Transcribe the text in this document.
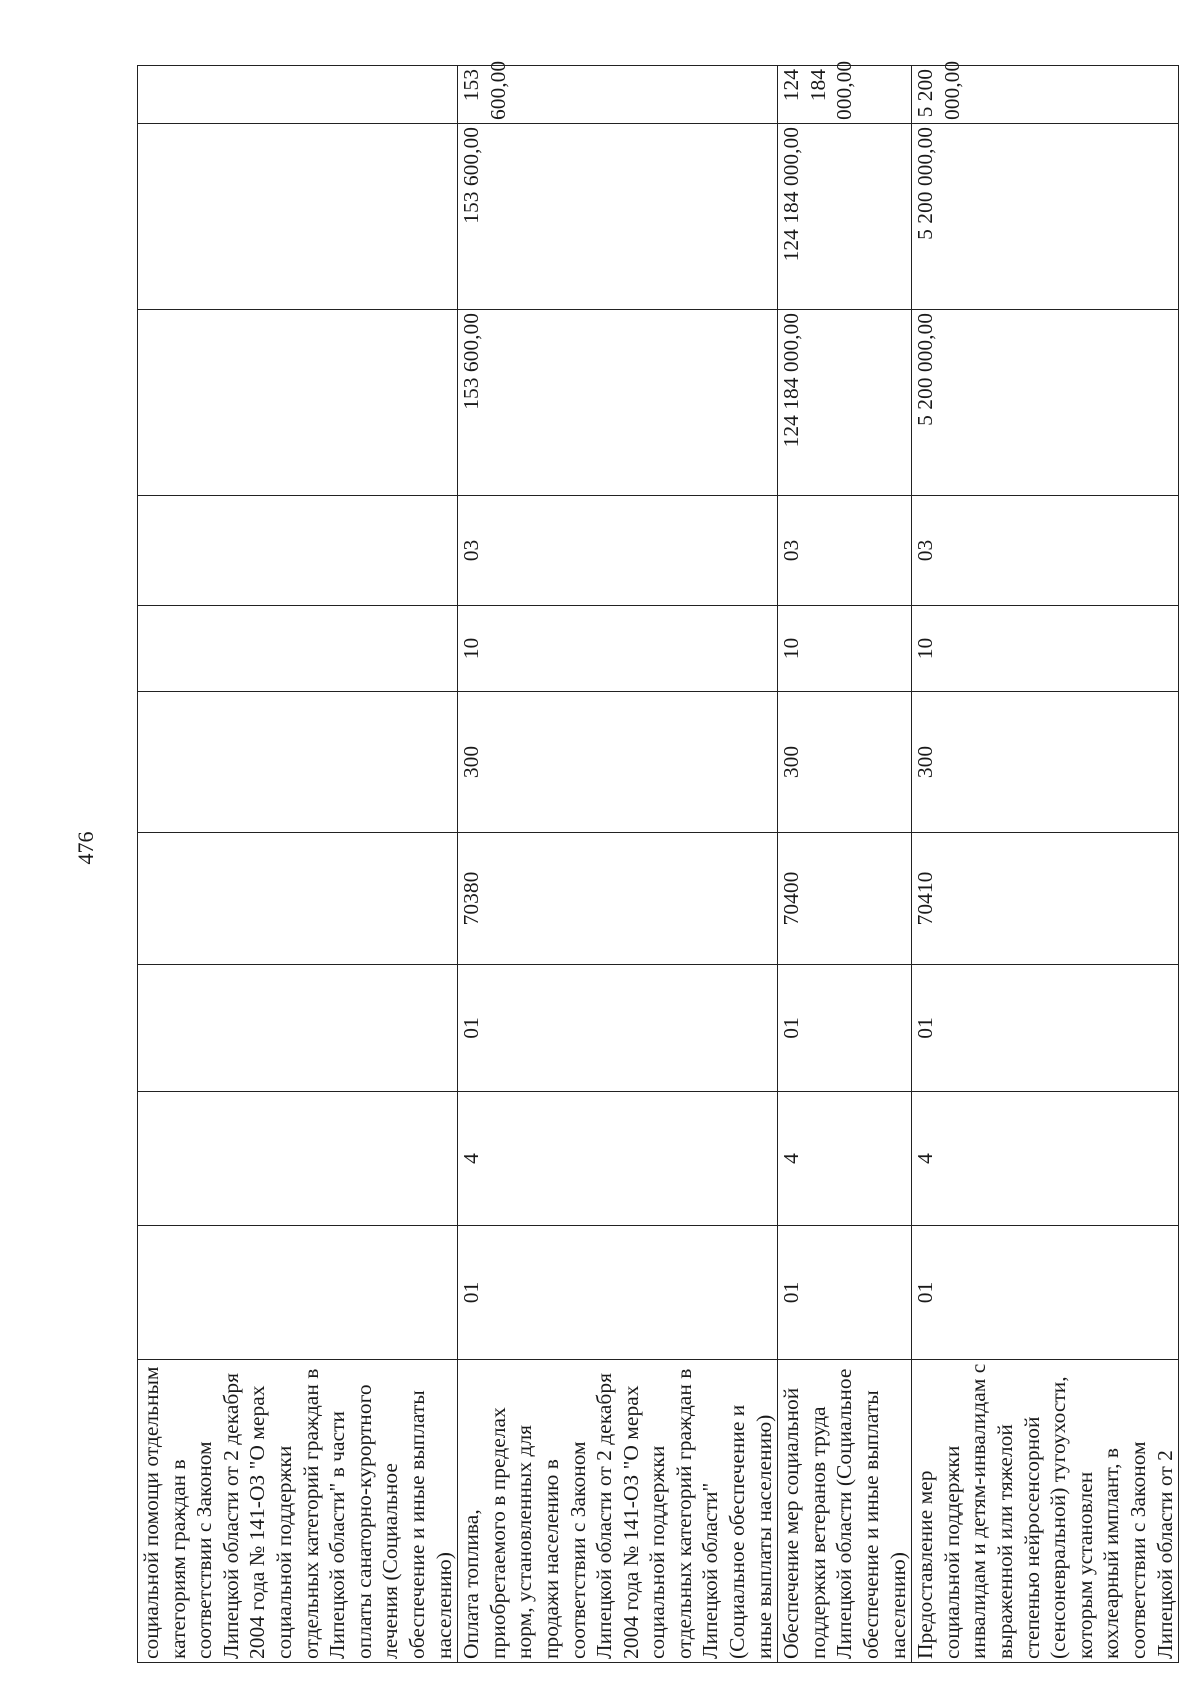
476
социальной помощи отдельным категориям граждан в соответствии с Законом Липецкой области от 2 декабря 2004 года № 141-ОЗ "О мерах социальной поддержки отдельных категорий граждан в Липецкой области" в части оплаты санаторно-курортного лечения (Социальное обеспечение и иные выплаты населению)										
Оплата топлива, приобретаемого в пределах норм, установленных для продажи населению в соответствии с Законом Липецкой области от 2 декабря 2004 года № 141-ОЗ "О мерах социальной поддержки отдельных категорий граждан в Липецкой области" (Социальное обеспечение и иные выплаты населению)	01	4	01	70380	300	10	03	153 600,00	153 600,00	153 600,00
Обеспечение мер социальной поддержки ветеранов труда Липецкой области (Социальное обеспечение и иные выплаты населению)	01	4	01	70400	300	10	03	124 184 000,00	124 184 000,00	124 184 000,00
Предоставление мер социальной поддержки инвалидам и детям-инвалидам с выраженной или тяжелой степенью нейросенсорной (сенсоневральной) тугоухости, которым установлен кохлеарный имплант, в соответствии с Законом Липецкой области от 2	01	4	01	70410	300	10	03	5 200 000,00	5 200 000,00	5 200 000,00
